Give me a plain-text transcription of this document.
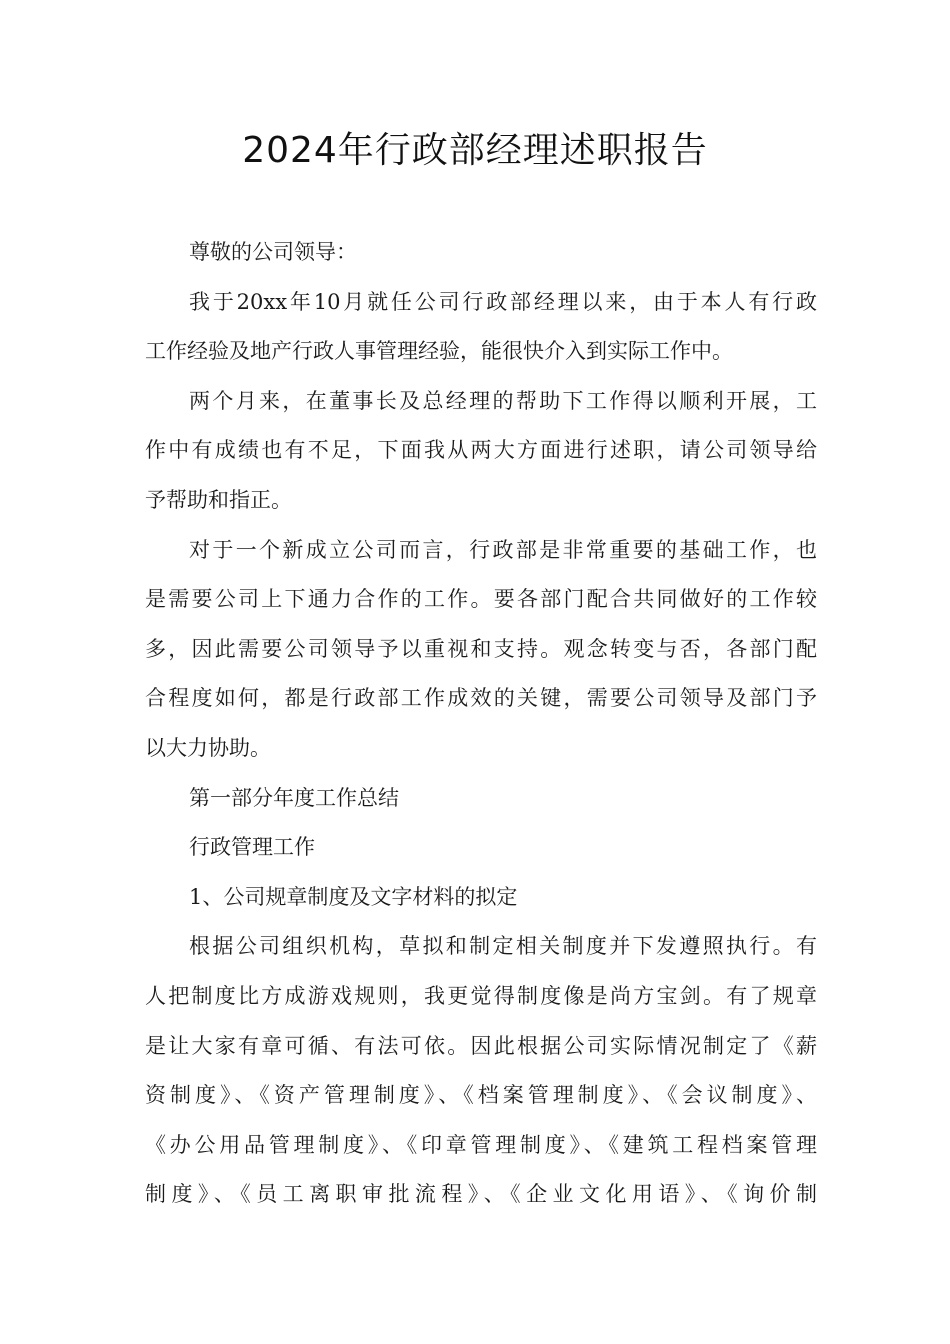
2024年行政部经理述职报告
尊敬的公司领导：
我于20xx年10月就任公司行政部经理以来，由于本人有行政
工作经验及地产行政人事管理经验，能很快介入到实际工作中。
两个月来，在董事长及总经理的帮助下工作得以顺利开展，工
作中有成绩也有不足，下面我从两大方面进行述职，请公司领导给
予帮助和指正。
对于一个新成立公司而言，行政部是非常重要的基础工作，也
是需要公司上下通力合作的工作。要各部门配合共同做好的工作较
多，因此需要公司领导予以重视和支持。观念转变与否，各部门配
合程度如何，都是行政部工作成效的关键，需要公司领导及部门予
以大力协助。
第一部分年度工作总结
行政管理工作
1、公司规章制度及文字材料的拟定
根据公司组织机构，草拟和制定相关制度并下发遵照执行。有
人把制度比方成游戏规则，我更觉得制度像是尚方宝剑。有了规章
是让大家有章可循、有法可依。因此根据公司实际情况制定了《薪
资制度》、《资产管理制度》、《档案管理制度》、《会议制度》、
《办公用品管理制度》、《印章管理制度》、《建筑工程档案管理
制度》、《员工离职审批流程》、《企业文化用语》、《询价制
